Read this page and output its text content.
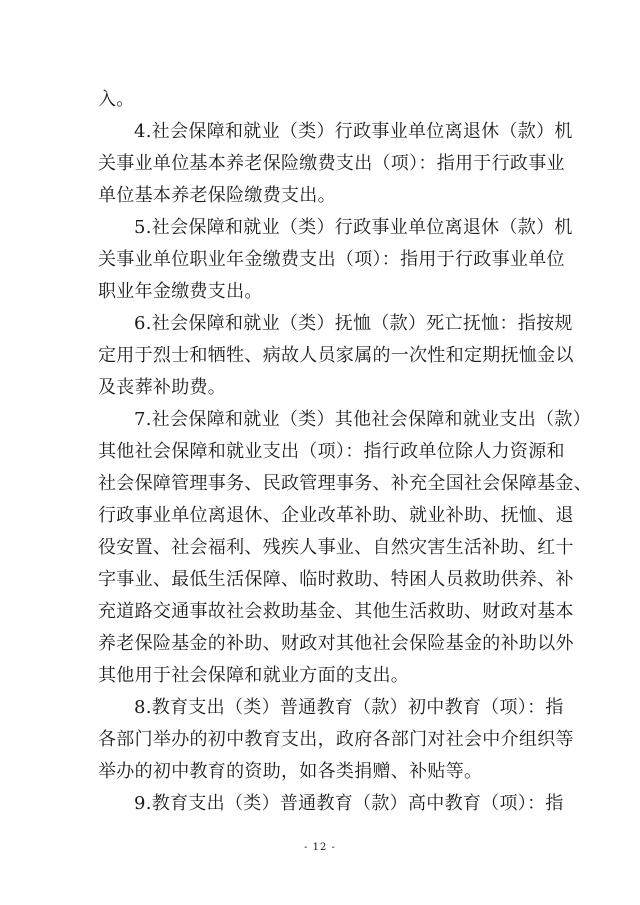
入。
4.社会保障和就业（类）行政事业单位离退休（款）机
关事业单位基本养老保险缴费支出（项）：指用于行政事业
单位基本养老保险缴费支出。
5.社会保障和就业（类）行政事业单位离退休（款）机
关事业单位职业年金缴费支出（项）：指用于行政事业单位
职业年金缴费支出。
6.社会保障和就业（类）抚恤（款）死亡抚恤：指按规
定用于烈士和牺牲、病故人员家属的一次性和定期抚恤金以
及丧葬补助费。
7.社会保障和就业（类）其他社会保障和就业支出（款）
其他社会保障和就业支出（项）：指行政单位除人力资源和
社会保障管理事务、民政管理事务、补充全国社会保障基金、
行政事业单位离退休、企业改革补助、就业补助、抚恤、退
役安置、社会福利、残疾人事业、自然灾害生活补助、红十
字事业、最低生活保障、临时救助、特困人员救助供养、补
充道路交通事故社会救助基金、其他生活救助、财政对基本
养老保险基金的补助、财政对其他社会保险基金的补助以外
其他用于社会保障和就业方面的支出。
8.教育支出（类）普通教育（款）初中教育（项）：指
各部门举办的初中教育支出，政府各部门对社会中介组织等
举办的初中教育的资助，如各类捐赠、补贴等。
9.教育支出（类）普通教育（款）高中教育（项）：指
- 12 -
